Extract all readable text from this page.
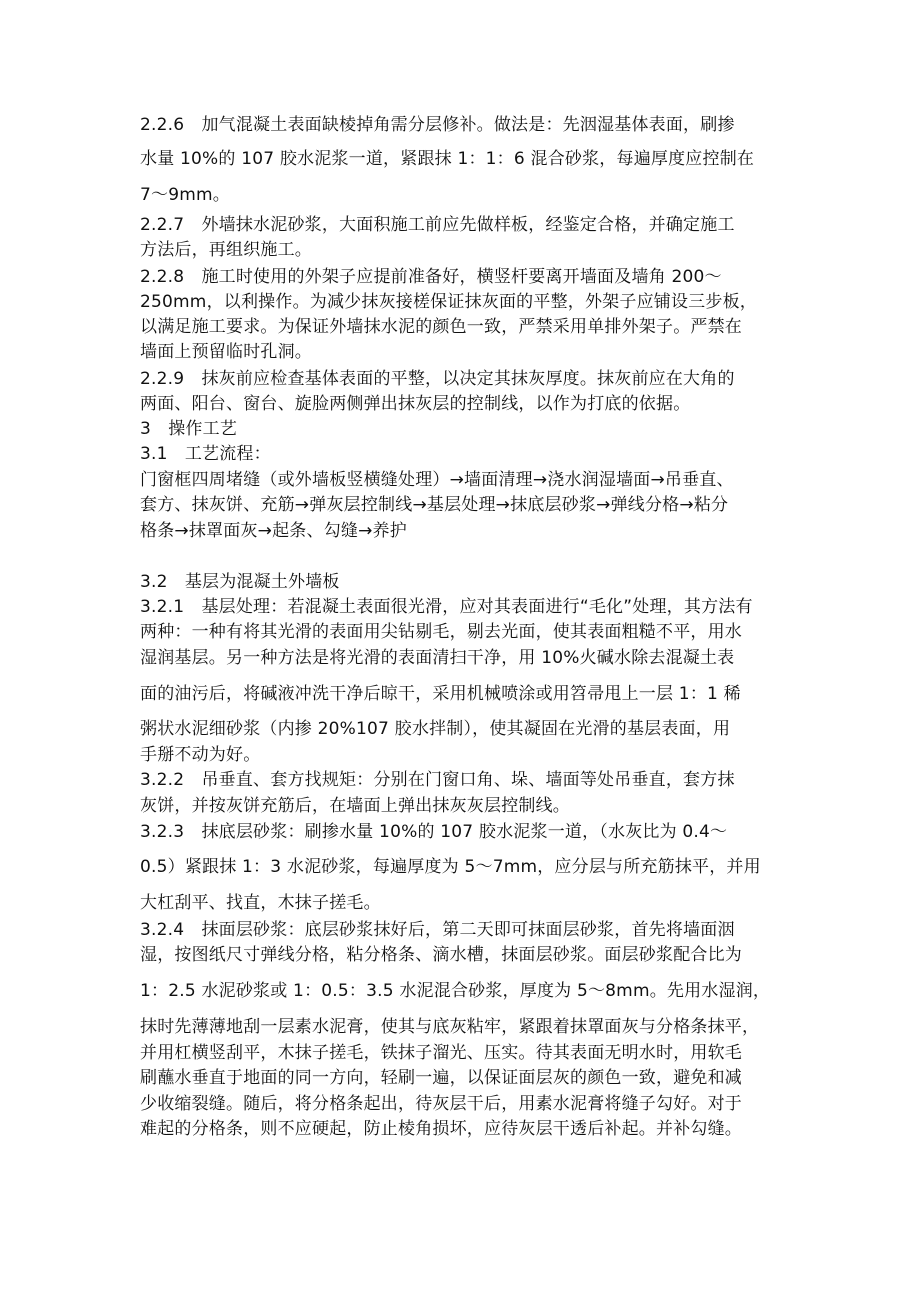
2.2.6　加气混凝土表面缺棱掉角需分层修补。做法是：先洇湿基体表面，刷掺
水量 10%的 107 胶水泥浆一道，紧跟抹 1：1：6 混合砂浆，每遍厚度应控制在
7～9mm。
2.2.7　外墙抹水泥砂浆，大面积施工前应先做样板，经鉴定合格，并确定施工
方法后，再组织施工。
2.2.8　施工时使用的外架子应提前准备好，横竖杆要离开墙面及墙角 200～
250mm，以利操作。为减少抹灰接槎保证抹灰面的平整，外架子应铺设三步板，
以满足施工要求。为保证外墙抹水泥的颜色一致，严禁采用单排外架子。严禁在
墙面上预留临时孔洞。
2.2.9　抹灰前应检查基体表面的平整，以决定其抹灰厚度。抹灰前应在大角的
两面、阳台、窗台、旋脸两侧弹出抹灰层的控制线，以作为打底的依据。
3　操作工艺
3.1　工艺流程：
门窗框四周堵缝（或外墙板竖横缝处理）→墙面清理→浇水润湿墙面→吊垂直、
套方、抹灰饼、充筋→弹灰层控制线→基层处理→抹底层砂浆→弹线分格→粘分
格条→抹罩面灰→起条、勾缝→养护
3.2　基层为混凝土外墙板
3.2.1　基层处理：若混凝土表面很光滑，应对其表面进行“毛化”处理，其方法有
两种：一种有将其光滑的表面用尖钻剔毛，剔去光面，使其表面粗糙不平，用水
湿润基层。另一种方法是将光滑的表面清扫干净，用 10%火碱水除去混凝土表
面的油污后，将碱液冲洗干净后晾干，采用机械喷涂或用笤帚甩上一层 1：1 稀
粥状水泥细砂浆（内掺 20%107 胶水拌制），使其凝固在光滑的基层表面，用
手掰不动为好。
3.2.2　吊垂直、套方找规矩：分别在门窗口角、垛、墙面等处吊垂直，套方抹
灰饼，并按灰饼充筋后，在墙面上弹出抹灰灰层控制线。
3.2.3　抹底层砂浆：刷掺水量 10%的 107 胶水泥浆一道，（水灰比为 0.4～
0.5）紧跟抹 1：3 水泥砂浆，每遍厚度为 5～7mm，应分层与所充筋抹平，并用
大杠刮平、找直，木抹子搓毛。
3.2.4　抹面层砂浆：底层砂浆抹好后，第二天即可抹面层砂浆，首先将墙面洇
湿，按图纸尺寸弹线分格，粘分格条、滴水槽，抹面层砂浆。面层砂浆配合比为
1：2.5 水泥砂浆或 1：0.5：3.5 水泥混合砂浆，厚度为 5～8mm。先用水湿润，
抹时先薄薄地刮一层素水泥膏，使其与底灰粘牢，紧跟着抹罩面灰与分格条抹平，
并用杠横竖刮平，木抹子搓毛，铁抹子溜光、压实。待其表面无明水时，用软毛
刷蘸水垂直于地面的同一方向，轻刷一遍，以保证面层灰的颜色一致，避免和减
少收缩裂缝。随后，将分格条起出，待灰层干后，用素水泥膏将缝子勾好。对于
难起的分格条，则不应硬起，防止棱角损坏，应待灰层干透后补起。并补勾缝。
